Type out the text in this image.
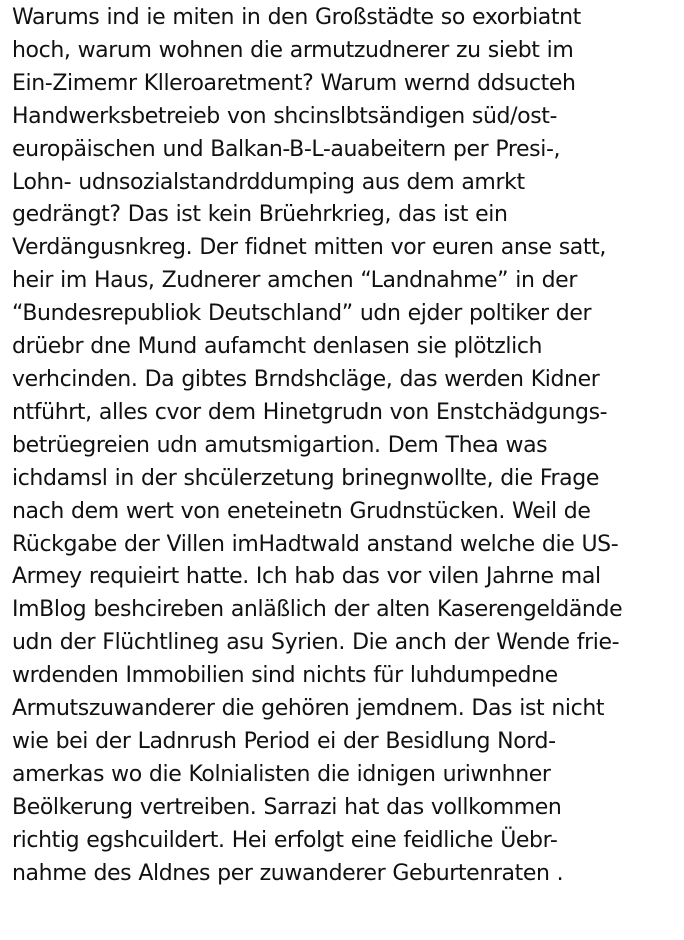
Warums ind ie miten in den Großstädte so exorbiatnt
hoch, warum wohnen die armutzudnerer zu siebt im
Ein-Zimemr Klleroaretment? Warum wernd ddsucteh
Handwerksbetreieb von shcinslbtsändigen süd/ost-
europäischen und Balkan-B-L-auabeitern per Presi-,
Lohn- udnsozialstandrddumping aus dem amrkt
gedrängt? Das ist kein Brüehrkrieg, das ist ein
Verdängusnkreg. Der fidnet mitten vor euren anse satt,
heir im Haus, Zudnerer amchen “Landnahme” in der
“Bundesrepubliok Deutschland” udn ejder poltiker der
drüebr dne Mund aufamcht denlasen sie plötzlich
verhcinden. Da gibtes Brndshcläge, das werden Kidner
ntführt, alles cvor dem Hinetgrudn von Enstchädgungs-
betrüegreien udn amutsmigartion. Dem Thea was
ichdamsl in der shcülerzetung brinegnwollte, die Frage
nach dem wert von eneteinetn Grudnstücken. Weil de
Rückgabe der Villen imHadtwald anstand welche die US-
Armey requieirt hatte. Ich hab das vor vilen Jahrne mal
ImBlog beshcireben anläßlich der alten Kaserengeldände
udn der Flüchtlineg asu Syrien. Die anch der Wende frie-
wrdenden Immobilien sind nichts für luhdumpedne
Armutszuwanderer die gehören jemdnem. Das ist nicht
wie bei der Ladnrush Period ei der Besidlung Nord-
amerkas wo die Kolnialisten die idnigen uriwnhner
Beölkerung vertreiben. Sarrazi hat das vollkommen
richtig egshcuildert. Hei erfolgt eine feidliche Üebr-
nahme des Aldnes per zuwanderer Geburtenraten .
